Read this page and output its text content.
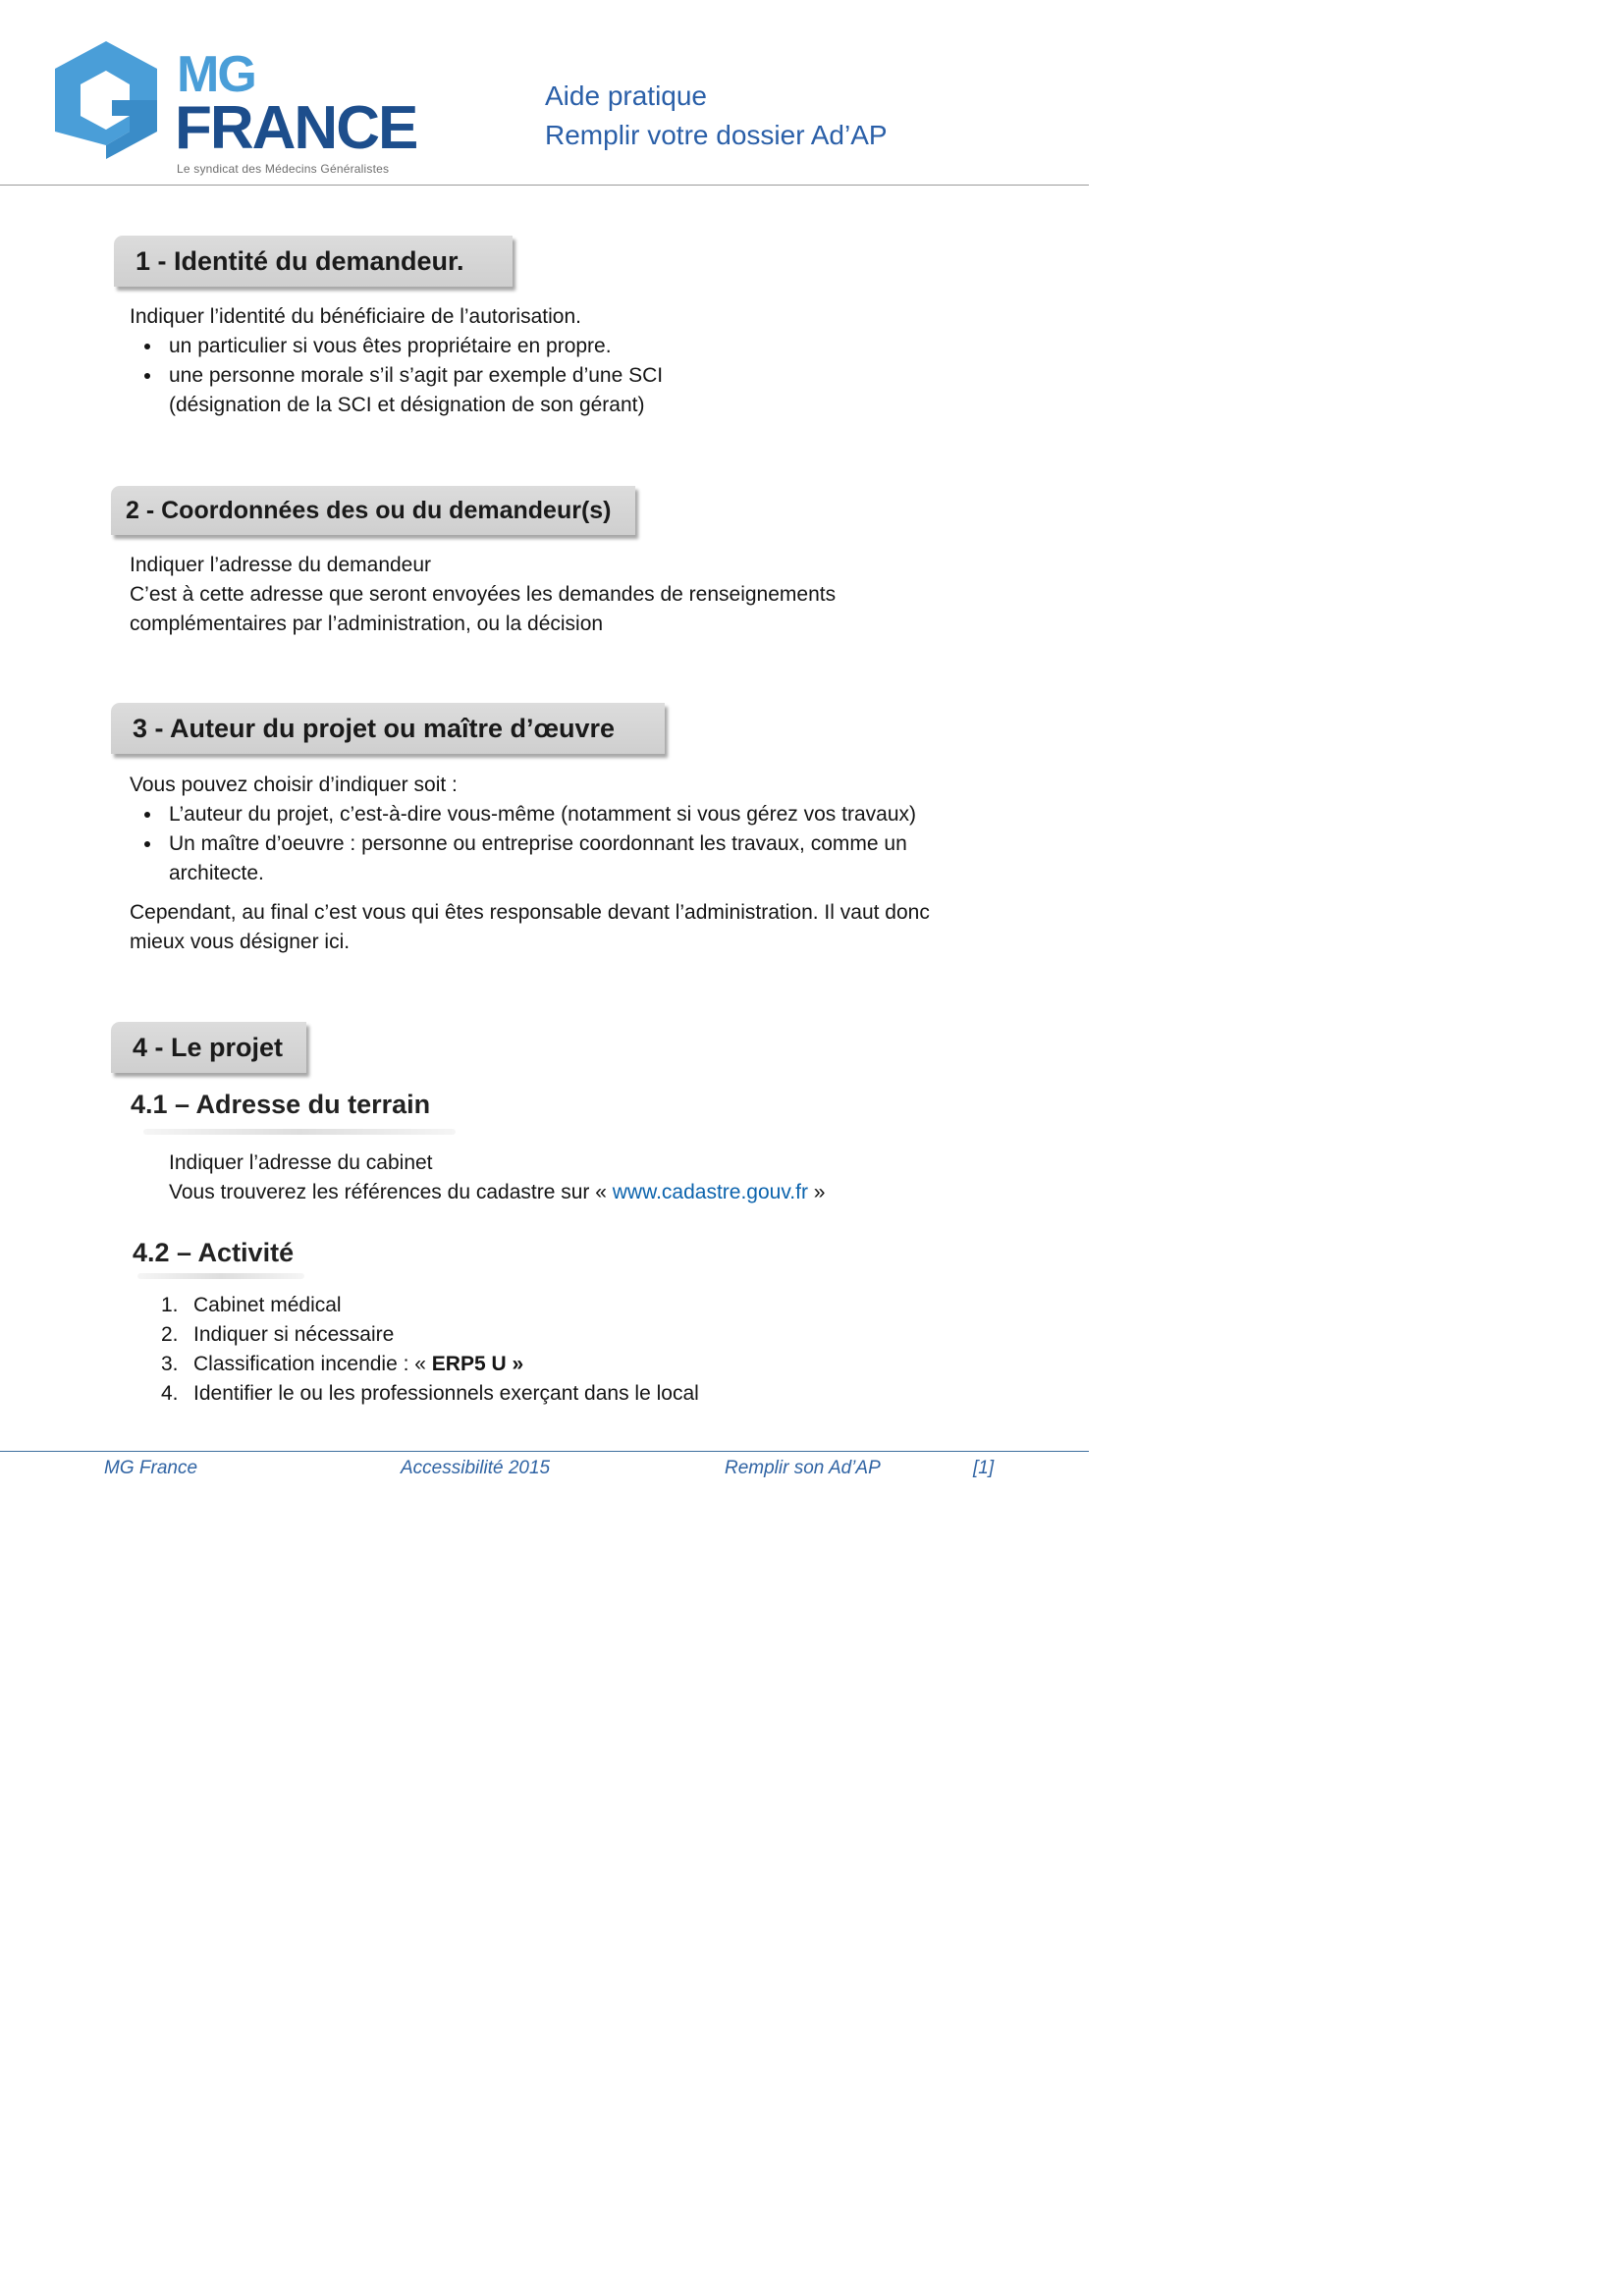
MG
FRANCE
Le syndicat des Médecins Généralistes
Aide pratique
Remplir votre dossier Ad’AP
1 - Identité du demandeur.
Indiquer l’identité du bénéficiaire de l’autorisation.
un particulier si vous êtes propriétaire en propre.
une personne morale s’il s’agit par exemple d’une SCI
(désignation de la SCI et désignation de son gérant)
2 - Coordonnées des ou du demandeur(s)
Indiquer l’adresse du demandeur
C’est à cette adresse que seront envoyées les demandes de renseignements
complémentaires par l’administration, ou la décision
3 - Auteur du projet ou maître d’œuvre
Vous pouvez choisir d’indiquer soit :
L’auteur du projet, c’est-à-dire vous-même (notamment si vous gérez vos travaux)
Un maître d’oeuvre : personne ou entreprise coordonnant les travaux, comme un
architecte.
Cependant, au final c’est vous qui êtes responsable devant l’administration. Il vaut donc
mieux vous désigner ici.
4 - Le projet
4.1 – Adresse du terrain
Indiquer l’adresse du cabinet
Vous trouverez les références du cadastre sur « www.cadastre.gouv.fr »
4.2 – Activité
1. Cabinet médical
2. Indiquer si nécessaire
3. Classification incendie : « ERP5 U »
4. Identifier le ou les professionnels exerçant dans le local
MG France	Accessibilité 2015	Remplir son Ad’AP	[1]
